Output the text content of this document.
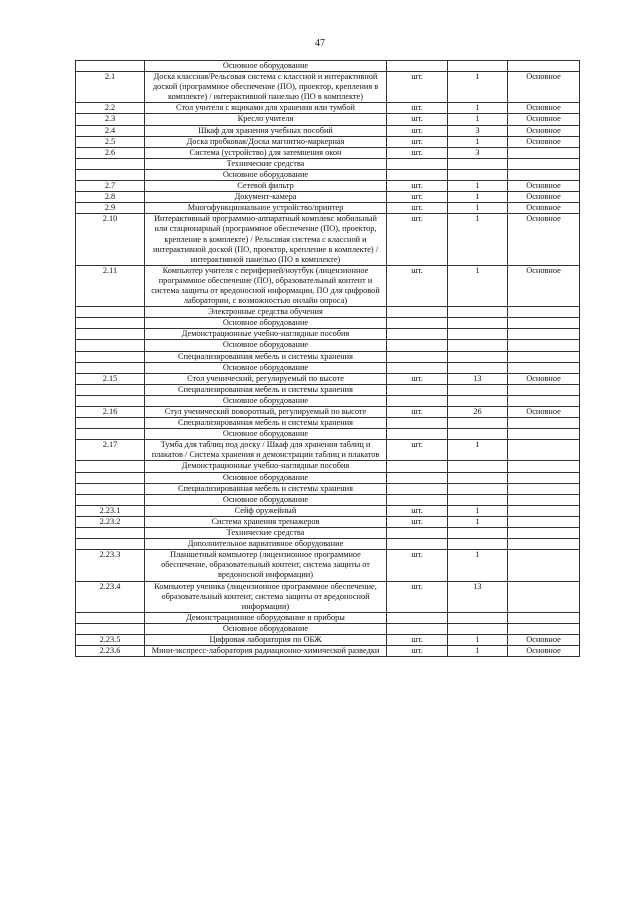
47
	Основное оборудование			
2.1	Доска классная/Рельсовая система с классной и интерактивной доской (программное обеспечение (ПО), проектор, крепления в комплекте) / интерактивной панелью (ПО в комплекте)	шт.	1	Основное
2.2	Стол учителя с ящиками для хранения или тумбой	шт.	1	Основное
2.3	Кресло учителя	шт.	1	Основное
2.4	Шкаф для хранения учебных пособий	шт.	3	Основное
2.5	Доска пробковая/Доска магнитно-маркерная	шт.	1	Основное
2.6	Система (устройство) для затемнения окон	шт.	3	
	Технические средства			
	Основное оборудование			
2.7	Сетевой фильтр	шт.	1	Основное
2.8	Документ-камера	шт.	1	Основное
2.9	Многофункциональное устройство/принтер	шт.	1	Основное
2.10	Интерактивный программно-аппаратный комплекс мобильный или стационарный (программное обеспечение (ПО), проектор, крепление в комплекте) / Рельсовая система с классной и интерактивной доской (ПО, проектор, крепление в комплекте) / интерактивной панелью (ПО в комплекте)	шт.	1	Основное
2.11	Компьютер учителя с периферией/ноутбук (лицензионное программное обеспечение (ПО), образовательный контент и система защиты от вредоносной информации, ПО для цифровой лаборатории, с возможностью онлайн опроса)	шт.	1	Основное
	Электронные средства обучения			
	Основное оборудование			
	Демонстрационные учебно-наглядные пособия			
	Основное оборудование			
	Специализированная мебель и системы хранения			
	Основное оборудование			
2.15	Стол ученический, регулируемый по высоте	шт.	13	Основное
	Специализированная мебель и системы хранения			
	Основное оборудование			
2.16	Стул ученический поворотный, регулируемый по высоте	шт.	26	Основное
	Специализированная мебель и системы хранения			
	Основное оборудование			
2.17	Тумба для таблиц под доску / Шкаф для хранения таблиц и плакатов / Система хранения и демонстрации таблиц и плакатов	шт.	1	
	Демонстрационные учебно-наглядные пособия			
	Основное оборудование			
	Специализированная мебель и системы хранения			
	Основное оборудование			
2.23.1	Сейф оружейный	шт.	1	
2.23.2	Система хранения тренажеров	шт.	1	
	Технические средства			
	Дополнительное вариативное оборудование			
2.23.3	Планшетный компьютер (лицензионное программное обеспечение, образовательный контент, система защиты от вредоносной информации)	шт.	1	
2.23.4	Компьютер ученика (лицензионное программное обеспечение, образовательный контент, система защиты от вредоносной информации)	шт.	13	
	Демонстрационное оборудование и приборы			
	Основное оборудование			
2.23.5	Цифровая лаборатория по ОБЖ	шт.	1	Основное
2.23.6	Мини-экспресс-лаборатория радиационно-химической разведки	шт.	1	Основное
